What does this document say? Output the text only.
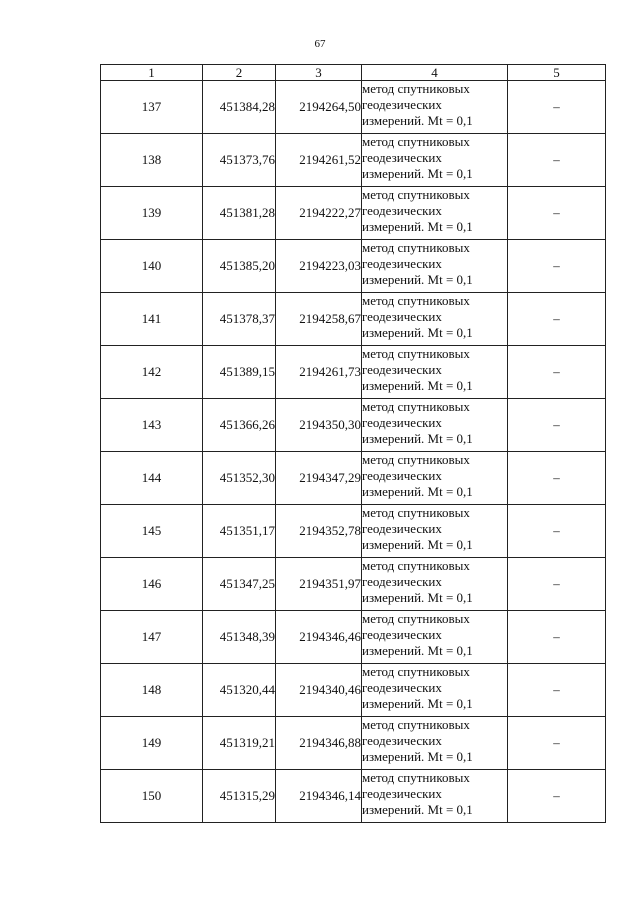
67
1	2	3	4	5
137	451384,28	2194264,50	метод спутниковых
геодезических
измерений. Mt = 0,1	–
138	451373,76	2194261,52	метод спутниковых
геодезических
измерений. Mt = 0,1	–
139	451381,28	2194222,27	метод спутниковых
геодезических
измерений. Mt = 0,1	–
140	451385,20	2194223,03	метод спутниковых
геодезических
измерений. Mt = 0,1	–
141	451378,37	2194258,67	метод спутниковых
геодезических
измерений. Mt = 0,1	–
142	451389,15	2194261,73	метод спутниковых
геодезических
измерений. Mt = 0,1	–
143	451366,26	2194350,30	метод спутниковых
геодезических
измерений. Mt = 0,1	–
144	451352,30	2194347,29	метод спутниковых
геодезических
измерений. Mt = 0,1	–
145	451351,17	2194352,78	метод спутниковых
геодезических
измерений. Mt = 0,1	–
146	451347,25	2194351,97	метод спутниковых
геодезических
измерений. Mt = 0,1	–
147	451348,39	2194346,46	метод спутниковых
геодезических
измерений. Mt = 0,1	–
148	451320,44	2194340,46	метод спутниковых
геодезических
измерений. Mt = 0,1	–
149	451319,21	2194346,88	метод спутниковых
геодезических
измерений. Mt = 0,1	–
150	451315,29	2194346,14	метод спутниковых
геодезических
измерений. Mt = 0,1	–
